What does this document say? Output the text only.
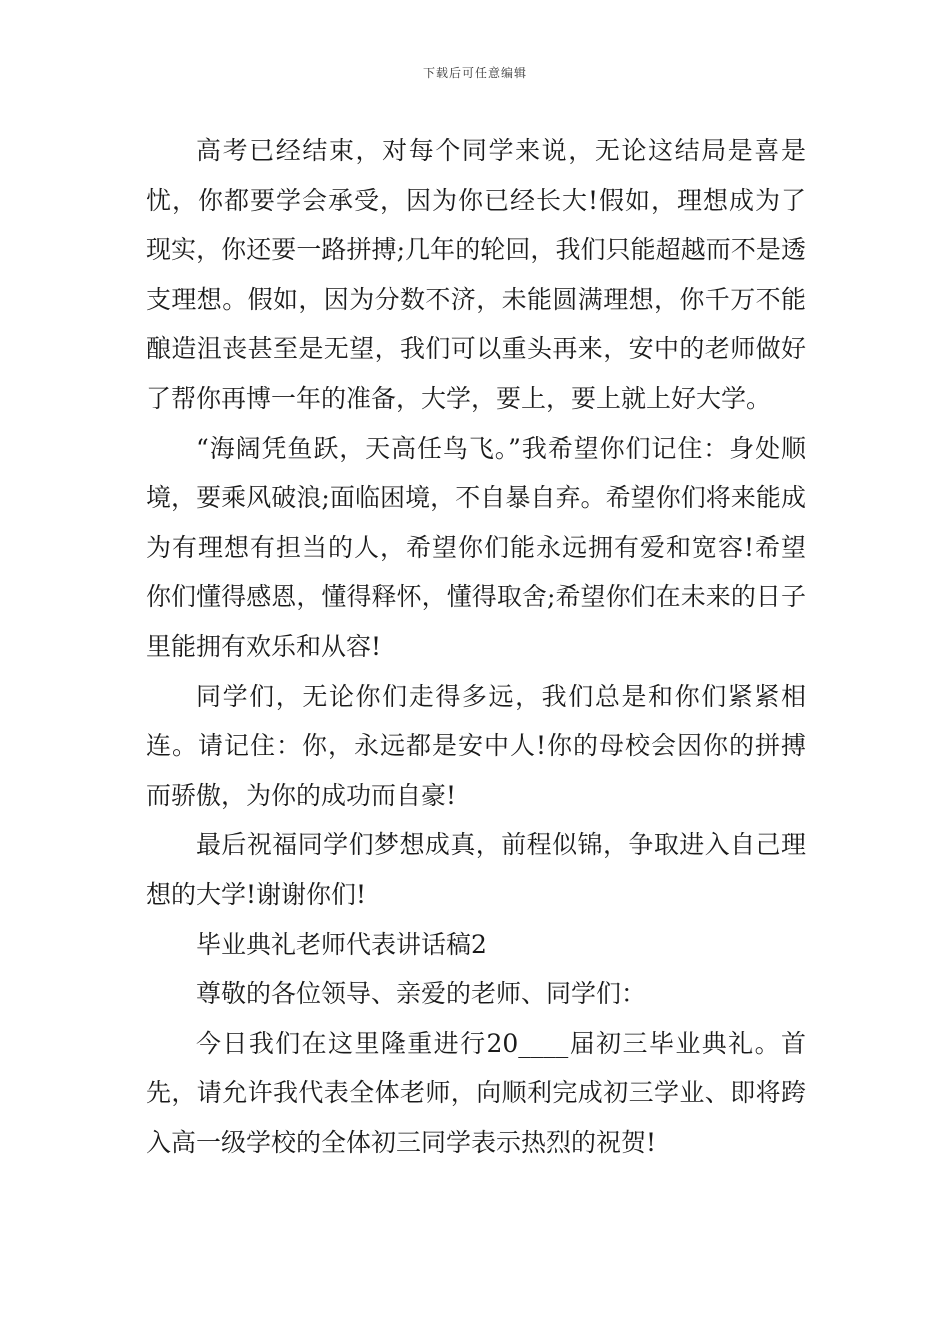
下载后可任意编辑

高考已经结束，对每个同学来说，无论这结局是喜是忧，你都要学会承受，因为你已经长大!假如，理想成为了现实，你还要一路拼搏;几年的轮回，我们只能超越而不是透支理想。假如，因为分数不济，未能圆满理想，你千万不能酿造沮丧甚至是无望，我们可以重头再来，安中的老师做好了帮你再博一年的准备，大学，要上，要上就上好大学。

“海阔凭鱼跃，天高任鸟飞。”我希望你们记住：身处顺境，要乘风破浪;面临困境，不自暴自弃。希望你们将来能成为有理想有担当的人，希望你们能永远拥有爱和宽容!希望你们懂得感恩，懂得释怀，懂得取舍;希望你们在未来的日子里能拥有欢乐和从容!

同学们，无论你们走得多远，我们总是和你们紧紧相连。请记住：你，永远都是安中人!你的母校会因你的拼搏而骄傲，为你的成功而自豪!

最后祝福同学们梦想成真，前程似锦，争取进入自己理想的大学!谢谢你们!

毕业典礼老师代表讲话稿2

尊敬的各位领导、亲爱的老师、同学们：

今日我们在这里隆重进行20____届初三毕业典礼。首先，请允许我代表全体老师，向顺利完成初三学业、即将跨入高一级学校的全体初三同学表示热烈的祝贺!
